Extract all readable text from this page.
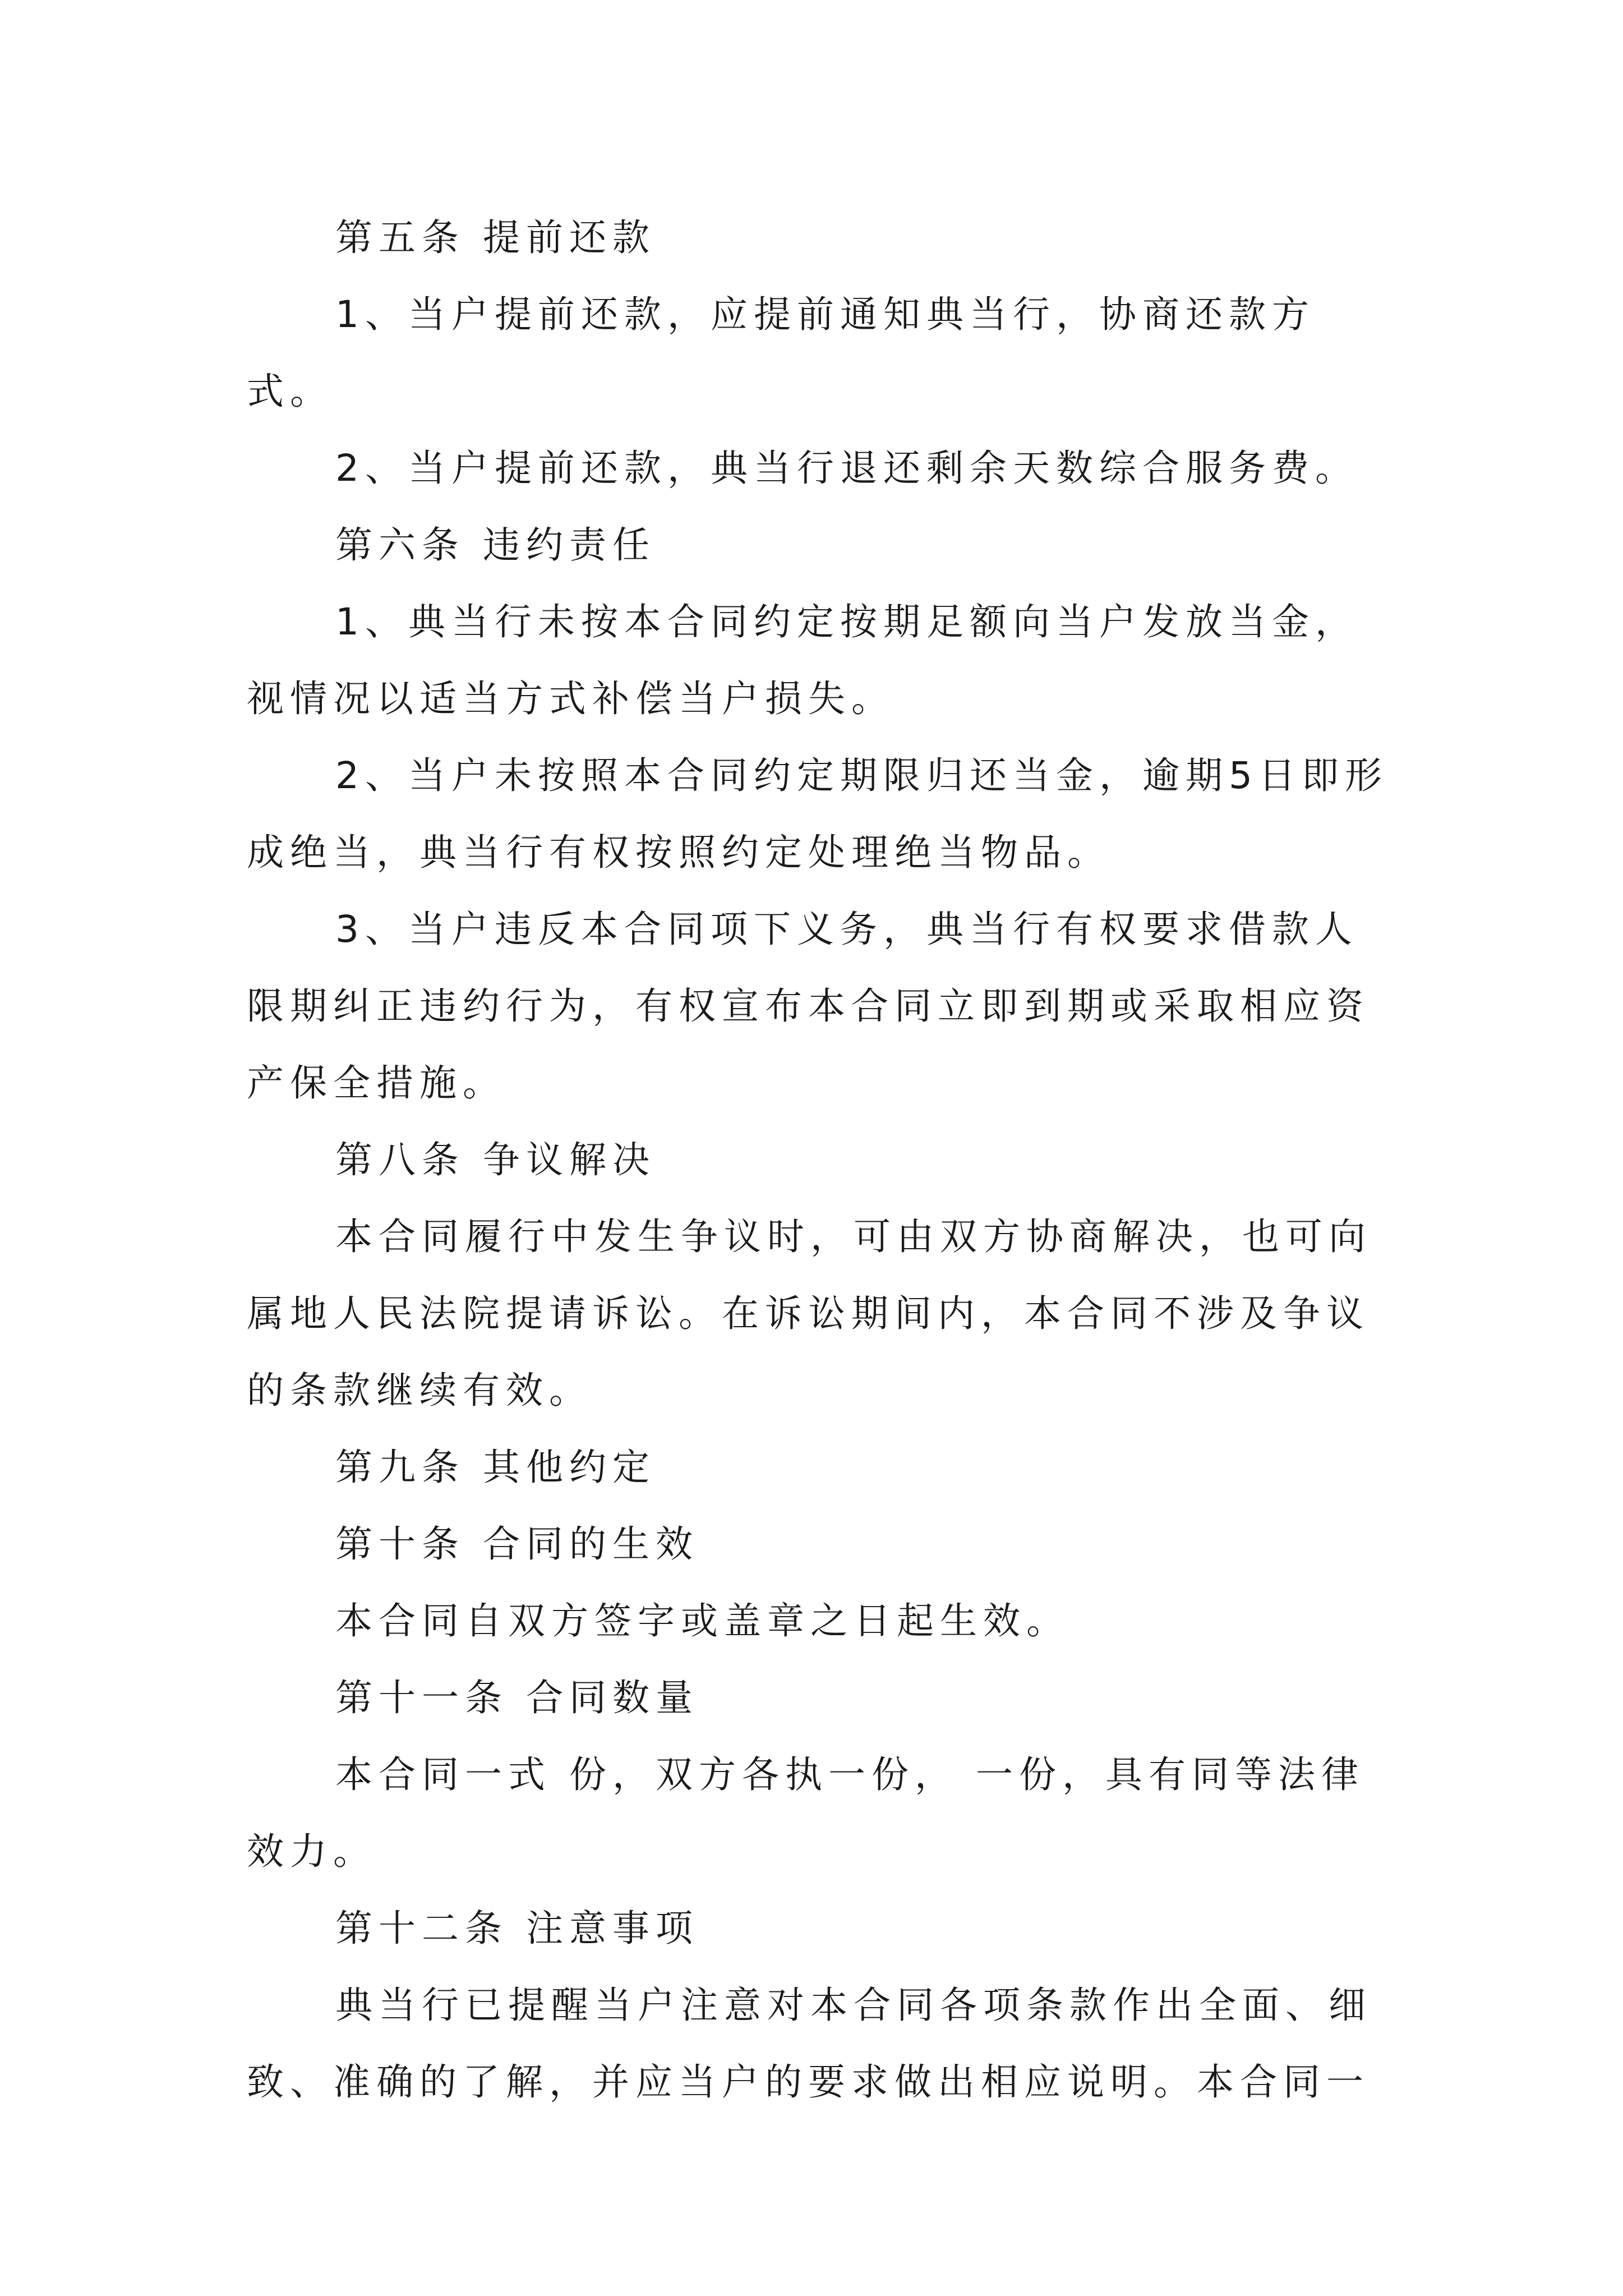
第五条 提前还款

1、当户提前还款，应提前通知典当行，协商还款方式。

2、当户提前还款，典当行退还剩余天数综合服务费。

第六条 违约责任

1、典当行未按本合同约定按期足额向当户发放当金，视情况以适当方式补偿当户损失。

2、当户未按照本合同约定期限归还当金，逾期5日即形成绝当，典当行有权按照约定处理绝当物品。

3、当户违反本合同项下义务，典当行有权要求借款人限期纠正违约行为，有权宣布本合同立即到期或采取相应资产保全措施。

第八条 争议解决

本合同履行中发生争议时，可由双方协商解决，也可向属地人民法院提请诉讼。在诉讼期间内，本合同不涉及争议的条款继续有效。

第九条 其他约定

第十条 合同的生效

本合同自双方签字或盖章之日起生效。

第十一条 合同数量

本合同一式 份，双方各执一份， 一份，具有同等法律效力。

第十二条 注意事项

典当行已提醒当户注意对本合同各项条款作出全面、细致、准确的了解，并应当户的要求做出相应说明。本合同一
